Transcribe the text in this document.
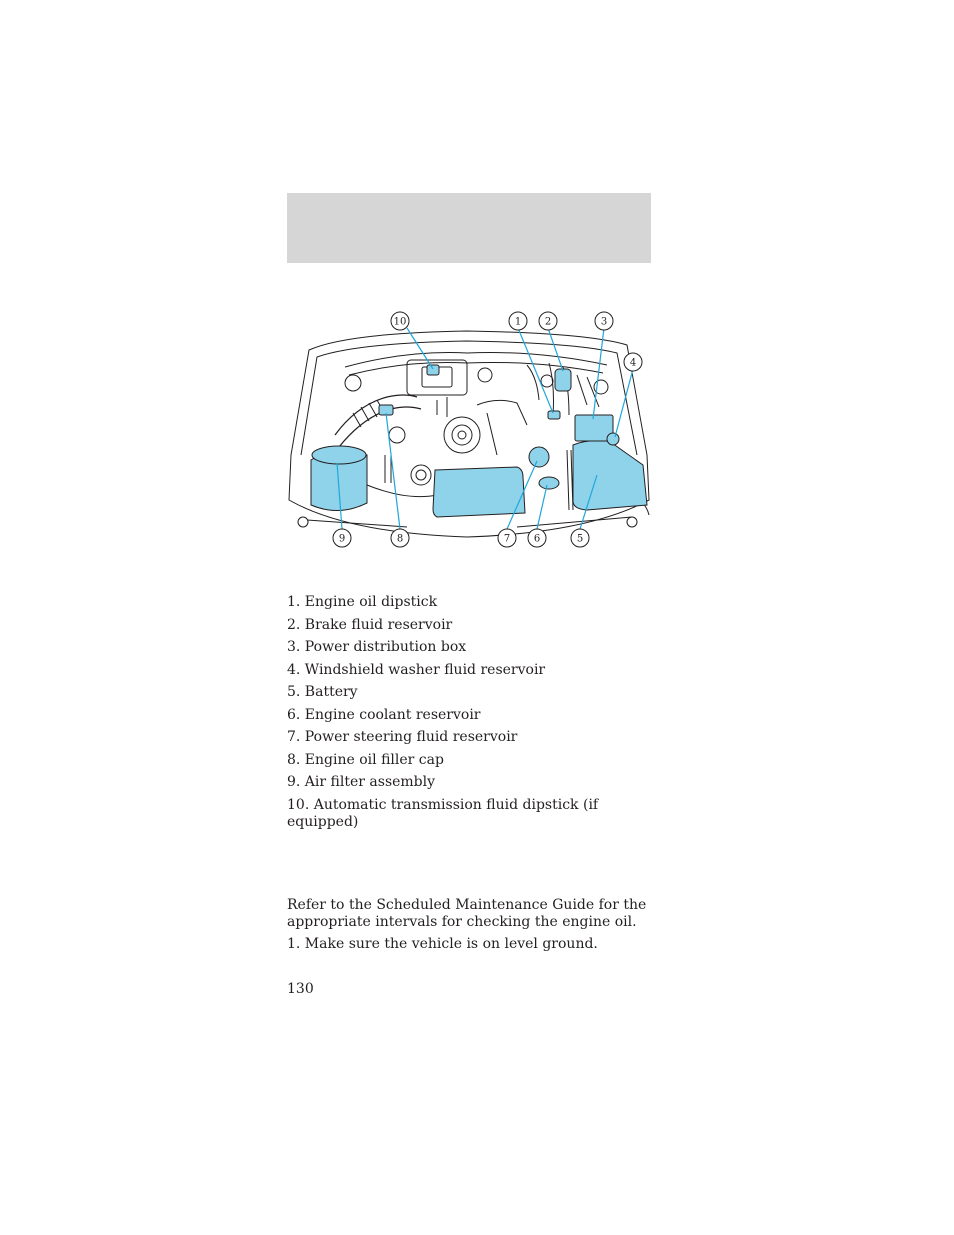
10	1 2	3
4
9	8	7 6	5
1. Engine oil dipstick
2. Brake fluid reservoir
3. Power distribution box
4. Windshield washer fluid reservoir
5. Battery
6. Engine coolant reservoir
7. Power steering fluid reservoir
8. Engine oil filler cap
9. Air filter assembly
10. Automatic transmission fluid dipstick (if equipped)

Refer to the Scheduled Maintenance Guide for the appropriate intervals for checking the engine oil.

1. Make sure the vehicle is on level ground.

130
